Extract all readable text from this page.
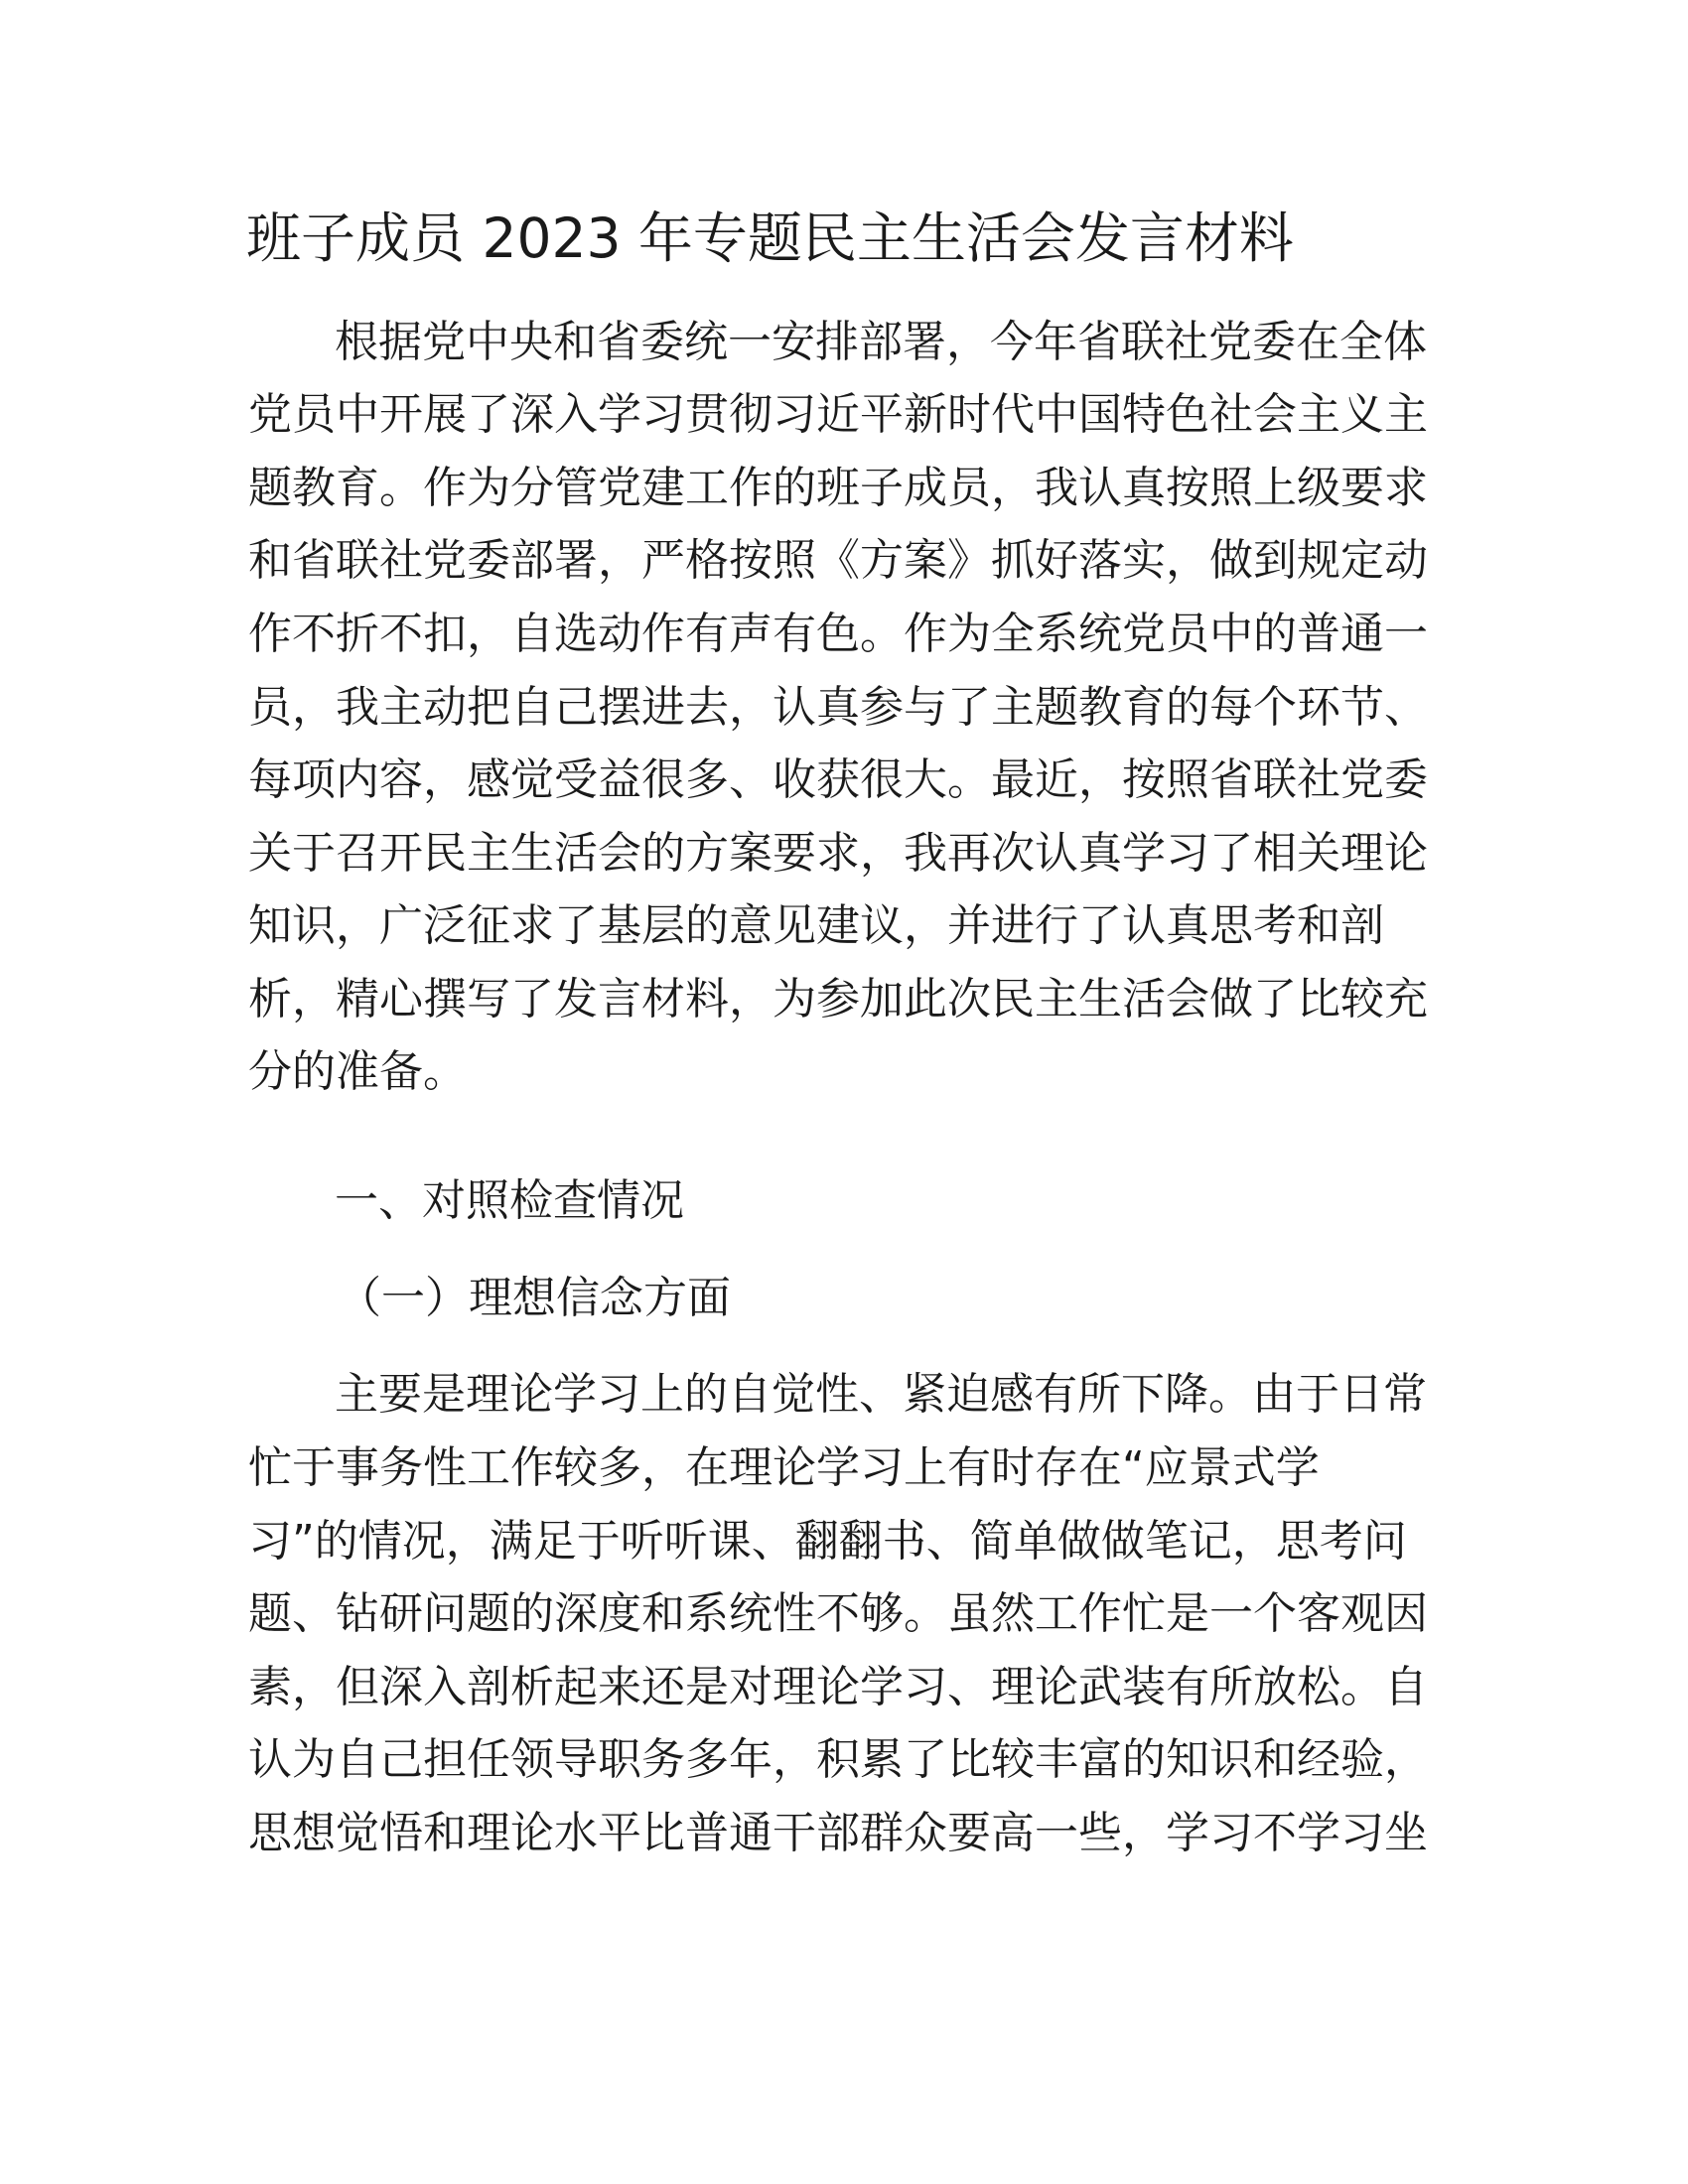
班子成员 2023 年专题民主生活会发言材料

根据党中央和省委统一安排部署，今年省联社党委在全体

党员中开展了深入学习贯彻习近平新时代中国特色社会主义主

题教育。作为分管党建工作的班子成员，我认真按照上级要求

和省联社党委部署，严格按照《方案》抓好落实，做到规定动

作不折不扣，自选动作有声有色。作为全系统党员中的普通一

员，我主动把自己摆进去，认真参与了主题教育的每个环节、

每项内容，感觉受益很多、收获很大。最近，按照省联社党委

关于召开民主生活会的方案要求，我再次认真学习了相关理论

知识，广泛征求了基层的意见建议，并进行了认真思考和剖

析，精心撰写了发言材料，为参加此次民主生活会做了比较充

分的准备。

一、对照检查情况

（一）理想信念方面

主要是理论学习上的自觉性、紧迫感有所下降。由于日常

忙于事务性工作较多，在理论学习上有时存在“应景式学

习”的情况，满足于听听课、翻翻书、简单做做笔记，思考问

题、钻研问题的深度和系统性不够。虽然工作忙是一个客观因

素，但深入剖析起来还是对理论学习、理论武装有所放松。自

认为自己担任领导职务多年，积累了比较丰富的知识和经验，

思想觉悟和理论水平比普通干部群众要高一些，学习不学习坐
